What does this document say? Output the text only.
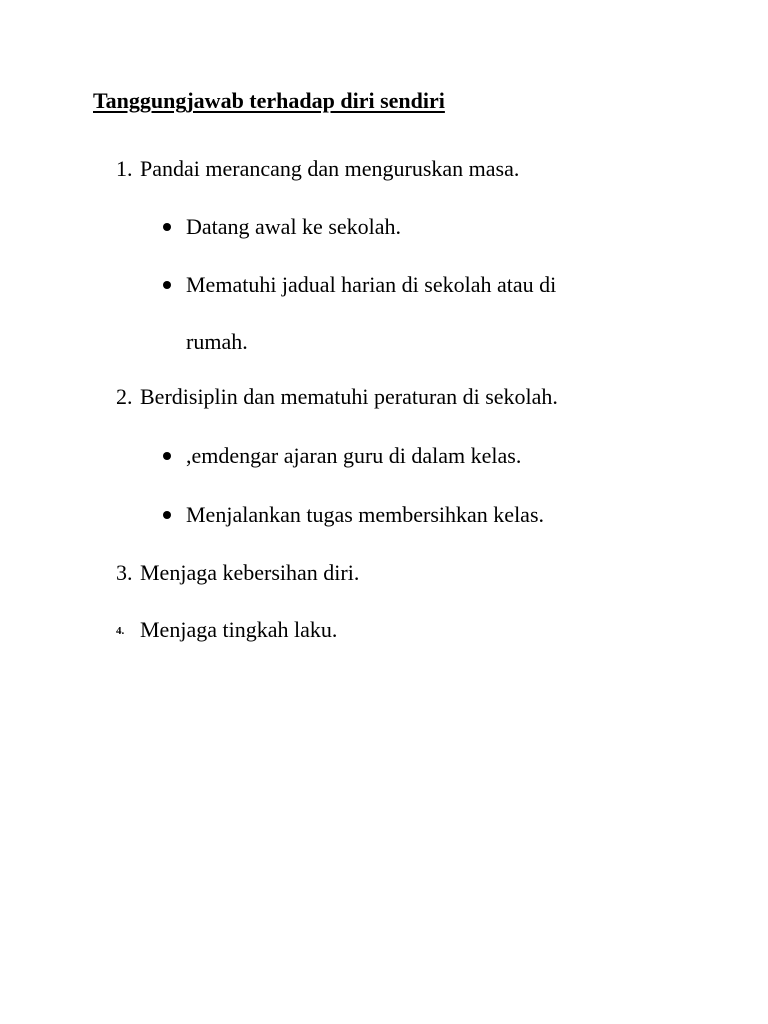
Tanggungjawab terhadap diri sendiri
1. Pandai merancang dan menguruskan masa.
Datang awal ke sekolah.
Mematuhi jadual harian di sekolah atau di
rumah.
2. Berdisiplin dan mematuhi peraturan di sekolah.
,emdengar ajaran guru di dalam kelas.
Menjalankan tugas membersihkan kelas.
3. Menjaga kebersihan diri.
4. Menjaga tingkah laku.
